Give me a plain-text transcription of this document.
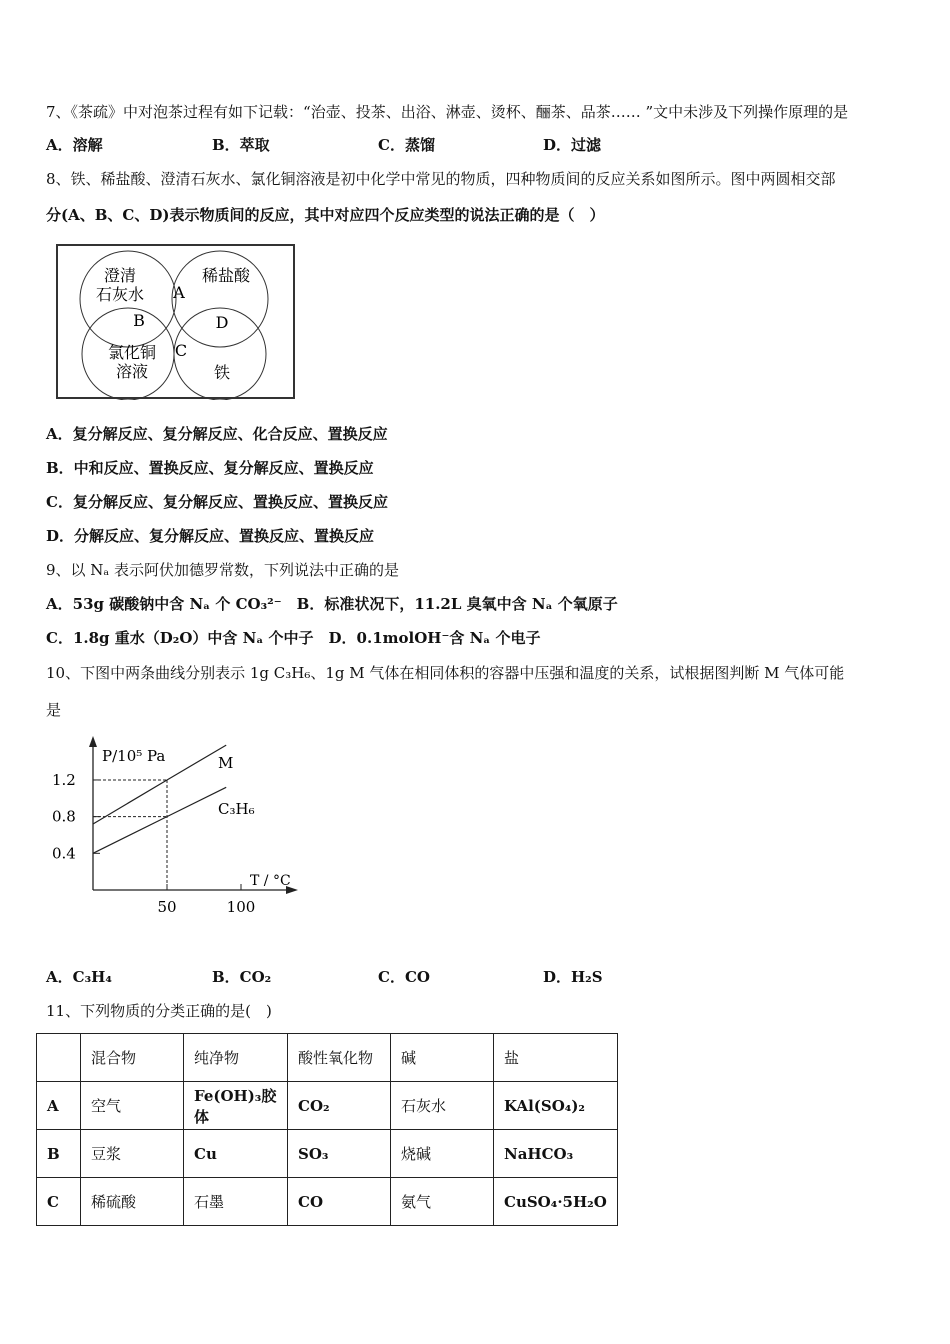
7、《茶疏》中对泡茶过程有如下记载：“治壶、投茶、出浴、淋壶、烫杯、酾茶、品茶…… ”文中未涉及下列操作原理的是
A．溶解	B．萃取	C．蒸馏	D．过滤
8、铁、稀盐酸、澄清石灰水、氯化铜溶液是初中化学中常见的物质，四种物质间的反应关系如图所示。图中两圆相交部
分(A、B、C、D)表示物质间的反应，其中对应四个反应类型的说法正确的是（　）
澄清
石灰水
稀盐酸
氯化铜
溶液	铁
A
B
C
D
A．复分解反应、复分解反应、化合反应、置换反应
B．中和反应、置换反应、复分解反应、置换反应
C．复分解反应、复分解反应、置换反应、置换反应
D．分解反应、复分解反应、置换反应、置换反应
9、以 Nₐ 表示阿伏加德罗常数，下列说法中正确的是
A．53g 碳酸钠中含 Nₐ 个 CO₃²⁻　B．标准状况下，11.2L 臭氧中含 Nₐ 个氧原子
C．1.8g 重水（D₂O）中含 Nₐ 个中子　D．0.1molOH⁻含 Nₐ 个电子
10、下图中两条曲线分别表示 1g C₃H₆、1g M 气体在相同体积的容器中压强和温度的关系，试根据图判断 M 气体可能
是
P/10⁵ Pa
T / °C
0.4
0.8
1.2
50	100
M
C₃H₆
A．C₃H₄	B．CO₂	C．CO	D．H₂S
11、下列物质的分类正确的是(　)
	混合物	纯净物	酸性氧化物	碱	盐
A	空气	Fe(OH)₃胶体	CO₂	石灰水	KAl(SO₄)₂
B	豆浆	Cu	SO₃	烧碱	NaHCO₃
C	稀硫酸	石墨	CO	氨气	CuSO₄·5H₂O
